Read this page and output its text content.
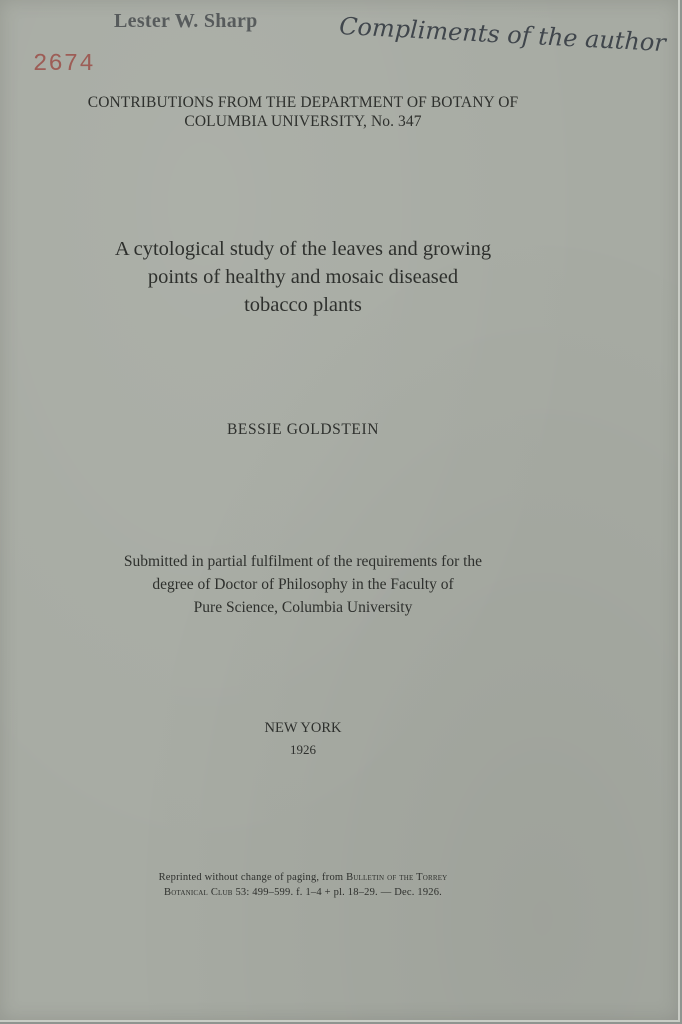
Lester W. Sharp
2674
Compliments of the author
CONTRIBUTIONS FROM THE DEPARTMENT OF BOTANY OF
COLUMBIA UNIVERSITY, No. 347
A cytological study of the leaves and growing
points of healthy and mosaic diseased
tobacco plants
BESSIE GOLDSTEIN
Submitted in partial fulfilment of the requirements for the
degree of Doctor of Philosophy in the Faculty of
Pure Science, Columbia University
NEW YORK
1926
Reprinted without change of paging, from Bulletin of the Torrey
Botanical Club 53: 499–599. f. 1–4 + pl. 18–29. — Dec. 1926.
